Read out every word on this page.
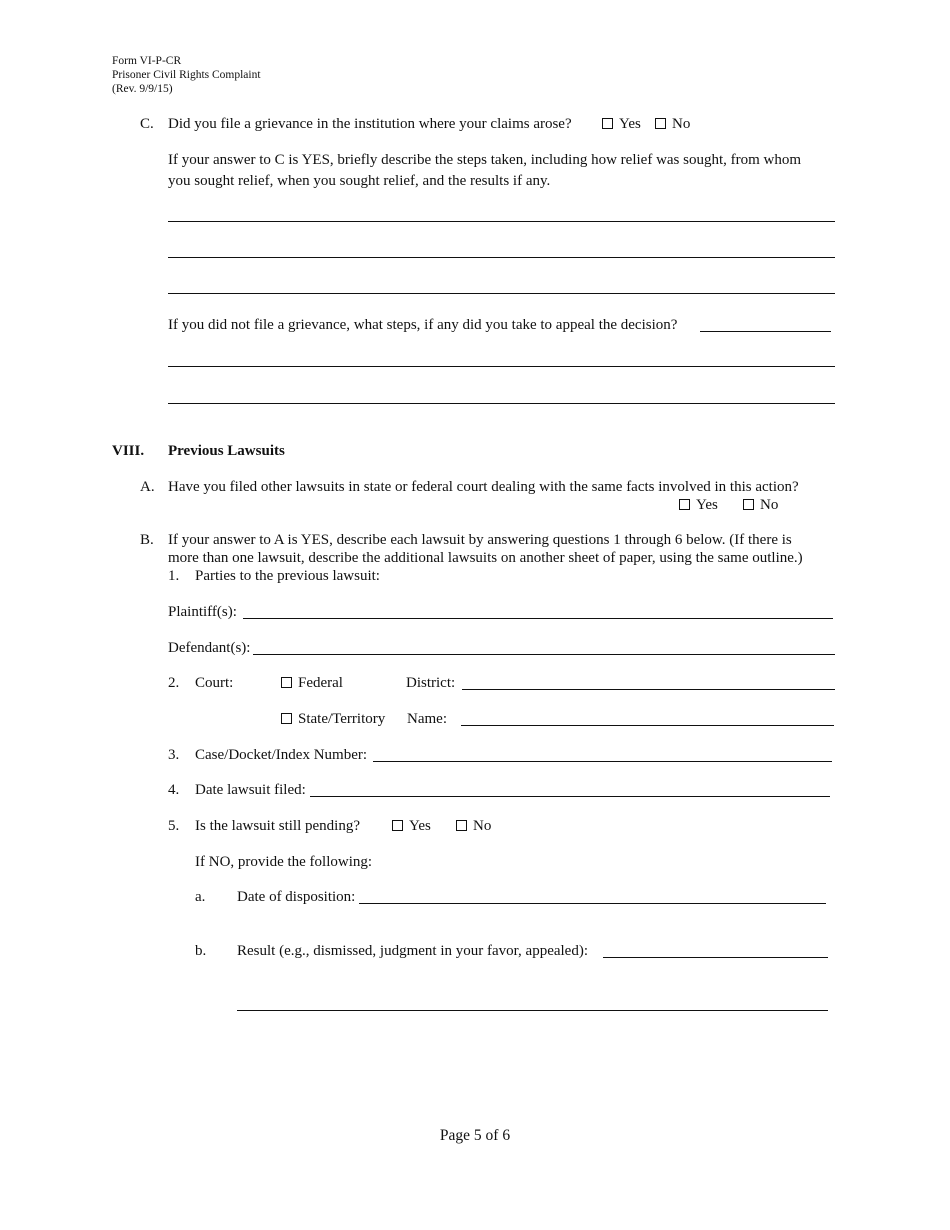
Form VI-P-CR
Prisoner Civil Rights Complaint
(Rev. 9/9/15)
C. Did you file a grievance in the institution where your claims arose?	Yes	No
If your answer to C is YES, briefly describe the steps taken, including how relief was sought, from whom
you sought relief, when you sought relief, and the results if any.
If you did not file a grievance, what steps, if any did you take to appeal the decision?
VIII. Previous Lawsuits
A. Have you filed other lawsuits in state or federal court dealing with the same facts involved in this action?
Yes	No
B. If your answer to A is YES, describe each lawsuit by answering questions 1 through 6 below. (If there is
more than one lawsuit, describe the additional lawsuits on another sheet of paper, using the same outline.)
1. Parties to the previous lawsuit:
Plaintiff(s):
Defendant(s):
2. Court:	Federal	District:
State/Territory Name:
3. Case/Docket/Index Number:
4. Date lawsuit filed:
5. Is the lawsuit still pending?	Yes	No
If NO, provide the following:
a. Date of disposition:
b. Result (e.g., dismissed, judgment in your favor, appealed):
Page 5 of 6
